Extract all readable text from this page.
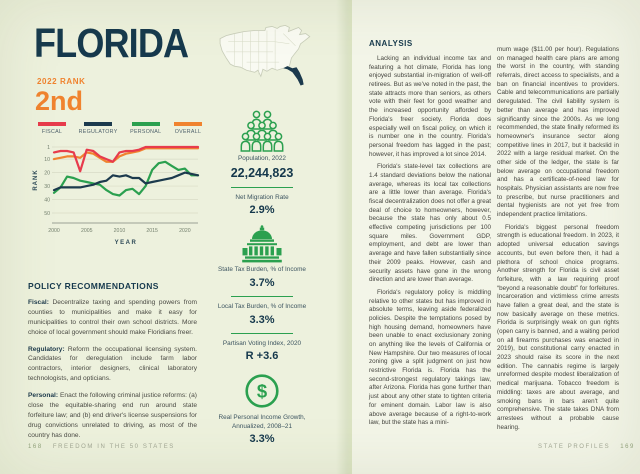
FLORIDA
2022 RANK
2nd
FISCAL	REGULATORY PERSONAL	OVERALL
1
10
20
30
40
50
2000	2005	2010	2015	2020
RANK
YEAR
POLICY RECOMMENDATIONS

Fiscal: Decentralize taxing and spending powers from counties to municipalities and make it easy for municipalities to control their own school districts. More choice of local government should make Floridians freer.

Regulatory: Reform the occupational licensing system. Candidates for deregulation include farm labor contractors, interior designers, clinical laboratory technologists, and opticians.

Personal: Enact the following criminal justice reforms: (a) close the equitable-sharing end run around state forfeiture law; and (b) end driver's license suspensions for drug convictions unrelated to driving, as most of the country has done.

Population, 2022
22,244,823
Net Migration Rate
2.9%
State Tax Burden, % of Income
3.7%
Local Tax Burden, % of Income
3.3%
Partisan Voting Index, 2020
R +3.6
$
Real Personal Income Growth, Annualized, 2008–21
3.3%
168 FREEDOM IN THE 50 STATES
ANALYSIS

Lacking an individual income tax and featuring a hot climate, Florida has long enjoyed substantial in-migration of well-off retirees. But as we've noted in the past, the state attracts more than seniors, as others vote with their feet for good weather and the increased opportunity afforded by Florida's freer society. Florida does especially well on fiscal policy, on which it is number one in the country. Florida's personal freedom has lagged in the past; however, it has improved a lot since 2014.

Florida's state-level tax collections are 1.4 standard deviations below the national average, whereas its local tax collections are a little lower than average. Florida's fiscal decentralization does not offer a great deal of choice to homeowners, however, because the state has only about 0.5 effective competing jurisdictions per 100 square miles. Government GDP, employment, and debt are lower than average and have fallen substantially since their 2009 peaks. However, cash and security assets have gone in the wrong direction and are lower than average.

Florida's regulatory policy is middling relative to other states but has improved in absolute terms, leaving aside federalized policies. Despite the temptations posed by high housing demand, homeowners have been unable to enact exclusionary zoning on anything like the levels of California or New Hampshire. Our two measures of local zoning give a split judgment on just how restrictive Florida is. Florida has the second-strongest regulatory takings law, after Arizona. Florida has gone further than just about any other state to tighten criteria for eminent domain. Labor law is also above average because of a right-to-work law, but the state has a mini-

mum wage ($11.00 per hour). Regulations on managed health care plans are among the worst in the country, with standing referrals, direct access to specialists, and a ban on financial incentives to providers. Cable and telecommunications are partially deregulated. The civil liability system is better than average and has improved significantly since the 2000s. As we long recommended, the state finally reformed its homeowner's insurance sector along competitive lines in 2017, but it backslid in 2022 with a large residual market. On the other side of the ledger, the state is far below average on occupational freedom and has a certificate-of-need law for hospitals. Physician assistants are now free to prescribe, but nurse practitioners and dental hygienists are not yet free from independent practice limitations.

Florida's biggest personal freedom strength is educational freedom. In 2023, it adopted universal education savings accounts, but even before then, it had a plethora of school choice programs. Another strength for Florida is civil asset forfeiture, with a law requiring proof “beyond a reasonable doubt” for forfeitures. Incarceration and victimless crime arrests have fallen a great deal, and the state is now basically average on these metrics. Florida is surprisingly weak on gun rights (open carry is banned, and a waiting period on all firearms purchases was enacted in 2019), but constitutional carry enacted in 2023 should raise its score in the next edition. The cannabis regime is largely unreformed despite modest liberalization of medical marijuana. Tobacco freedom is middling: taxes are about average, and smoking bans in bars aren't quite comprehensive. The state takes DNA from arrestees without a probable cause hearing.

STATE PROFILES 169
